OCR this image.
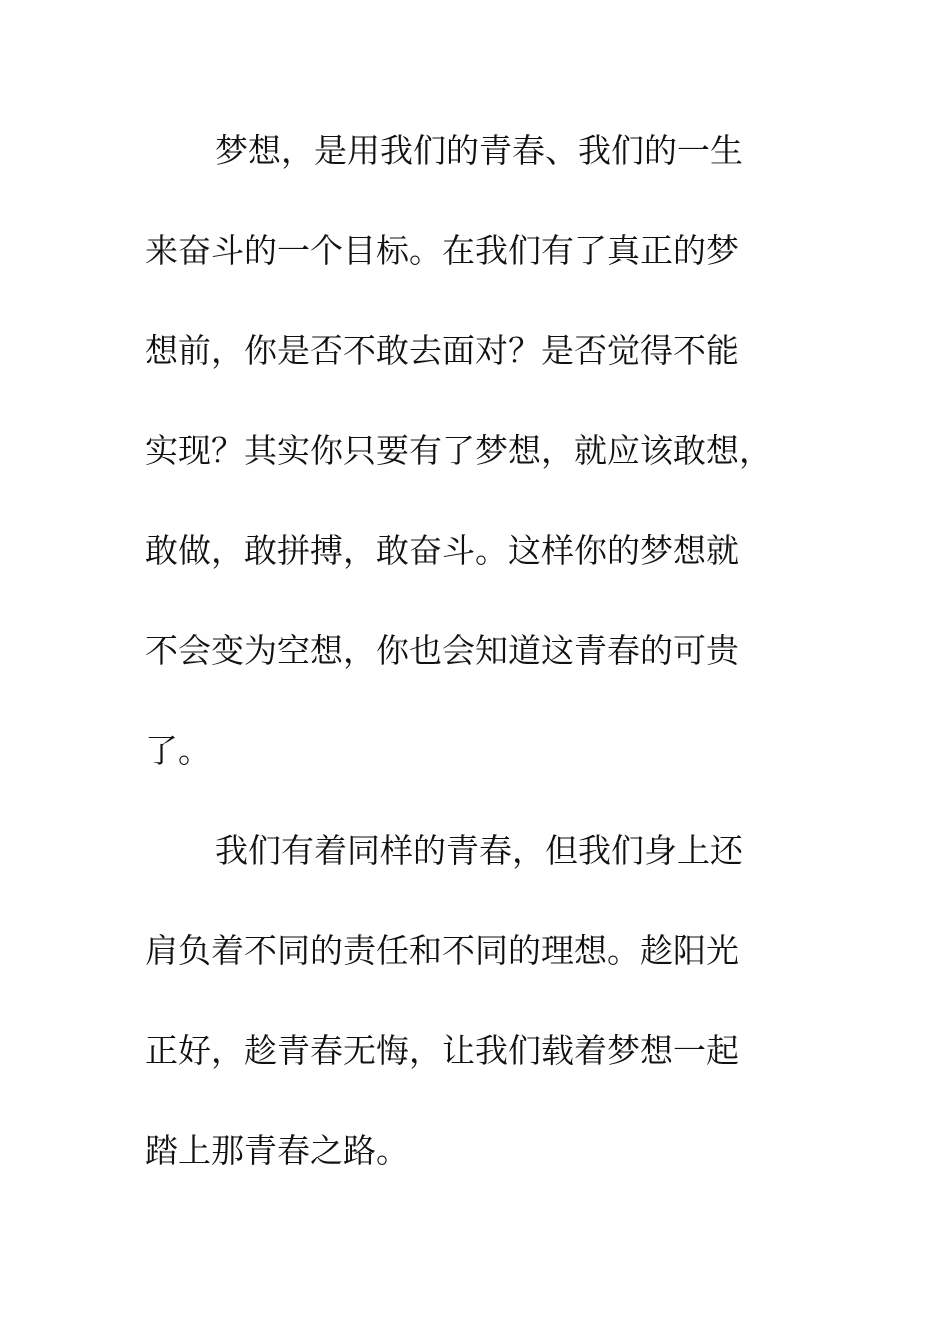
梦想，是用我们的青春、我们的一生
来奋斗的一个目标。在我们有了真正的梦
想前，你是否不敢去面对？是否觉得不能
实现？其实你只要有了梦想，就应该敢想，
敢做，敢拼搏，敢奋斗。这样你的梦想就
不会变为空想，你也会知道这青春的可贵
了。
我们有着同样的青春，但我们身上还
肩负着不同的责任和不同的理想。趁阳光
正好，趁青春无悔，让我们载着梦想一起
踏上那青春之路。
